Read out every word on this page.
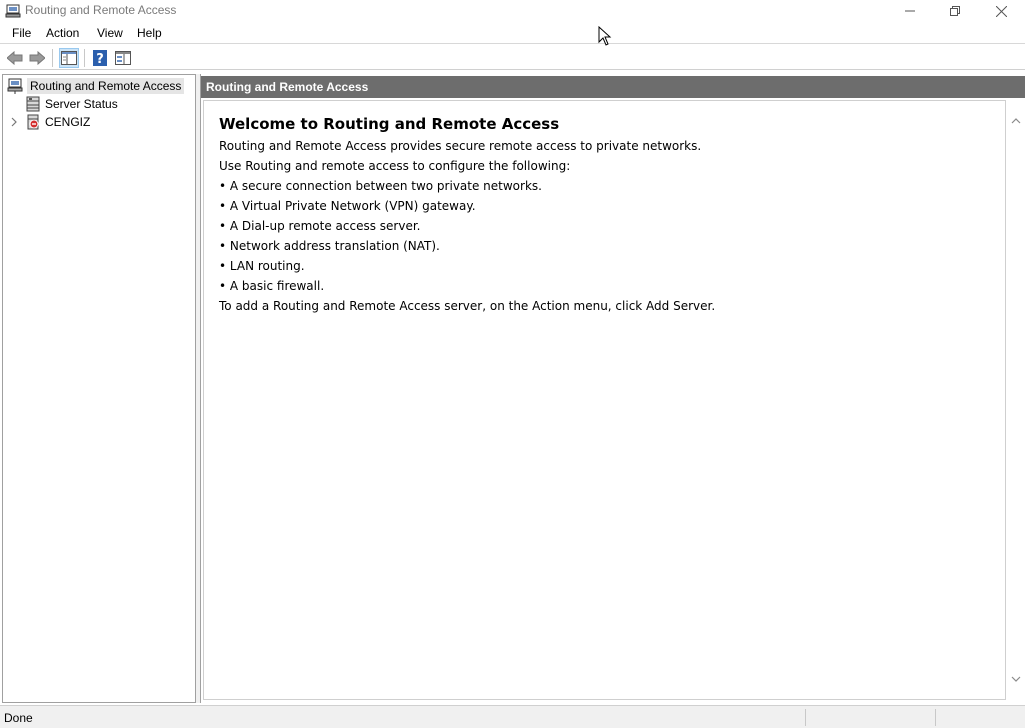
Routing and Remote Access
File Action View Help
?
Routing and Remote Access
Server Status
CENGIZ
Routing and Remote Access
Welcome to Routing and Remote Access
Routing and Remote Access provides secure remote access to private networks.
Use Routing and remote access to configure the following:
• A secure connection between two private networks.
• A Virtual Private Network (VPN) gateway.
• A Dial-up remote access server.
• Network address translation (NAT).
• LAN routing.
• A basic firewall.
To add a Routing and Remote Access server, on the Action menu, click Add Server.
Done
